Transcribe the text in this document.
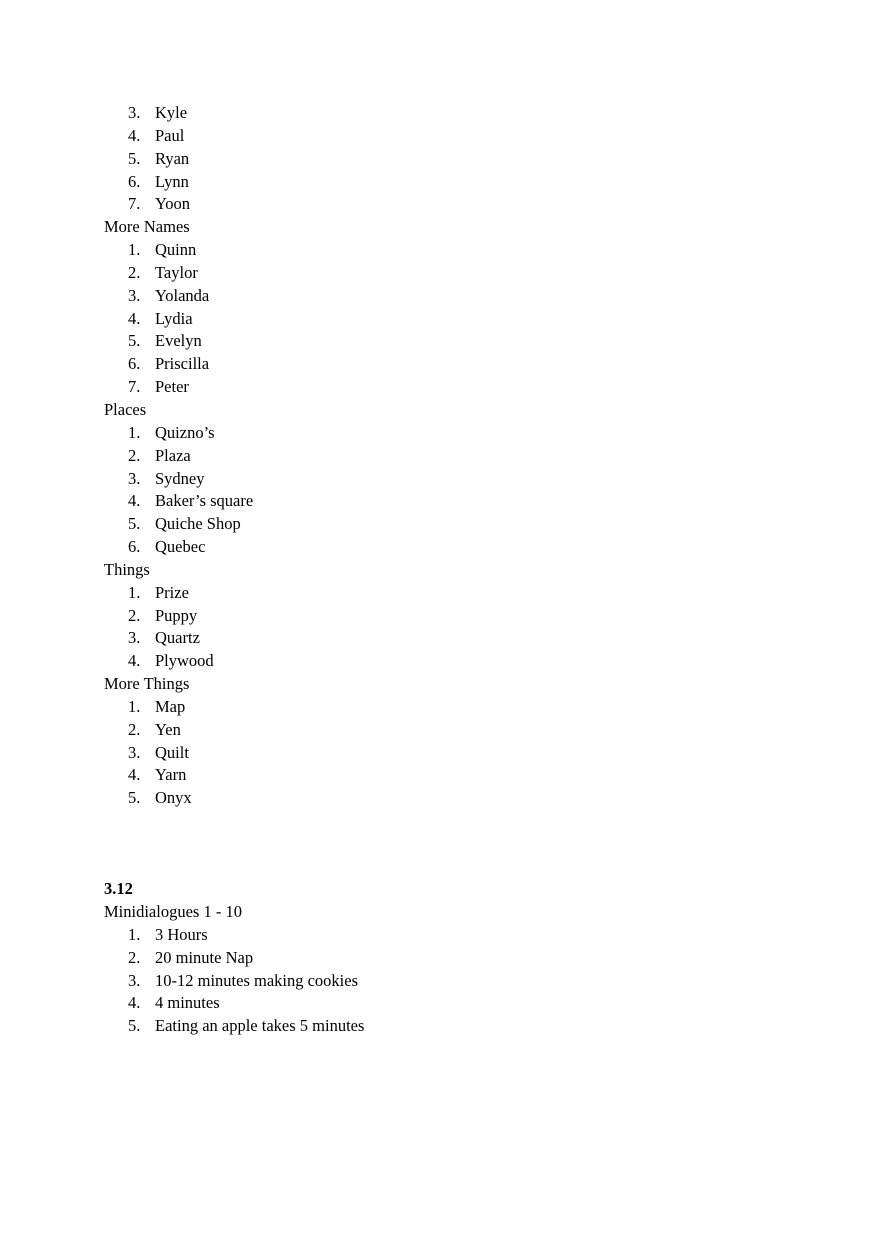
3. Kyle
4. Paul
5. Ryan
6. Lynn
7. Yoon

More Names

1. Quinn
2. Taylor
3. Yolanda
4. Lydia
5. Evelyn
6. Priscilla
7. Peter

Places

1. Quizno’s
2. Plaza
3. Sydney
4. Baker’s square
5. Quiche Shop
6. Quebec

Things

1. Prize
2. Puppy
3. Quartz
4. Plywood

More Things

1. Map
2. Yen
3. Quilt
4. Yarn
5. Onyx

3.12

Minidialogues 1 - 10

1. 3 Hours
2. 20 minute Nap
3. 10-12 minutes making cookies
4. 4 minutes
5. Eating an apple takes 5 minutes
